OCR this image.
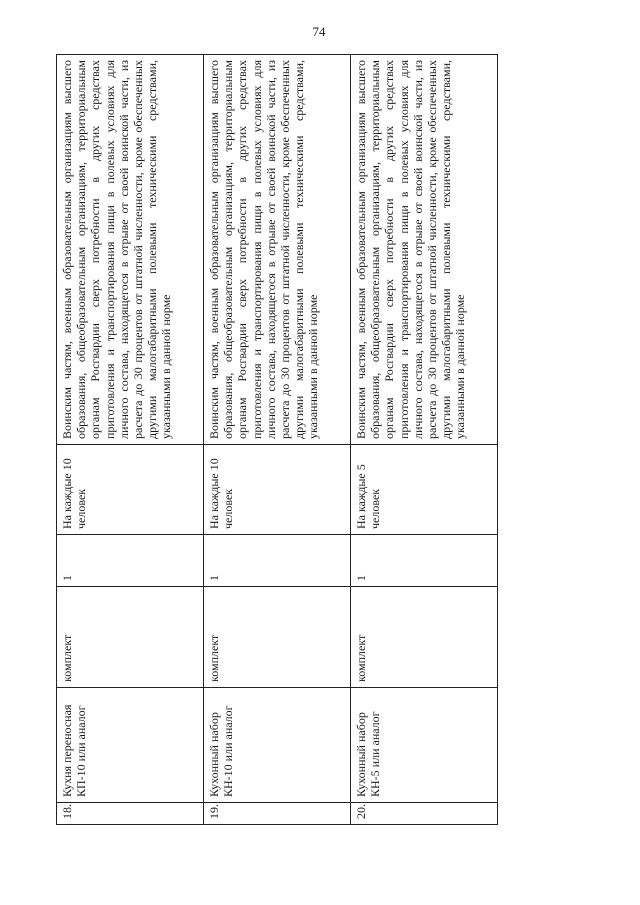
74
18.	Кухня переносная КП-10 или аналог	комплект	1	На каждые 10 человек	Воинским частям, военным образовательным организациям высшего образования, общеобразовательным организациям, территориальным органам Росгвардии сверх потребности в других средствах приготовления и транспортирования пищи в полевых условиях для личного состава, находящегося в отрыве от своей воинской части, из расчета до 30 процентов от штатной численности, кроме обеспеченных другими малогабаритными полевыми техническими средствами, указанными в данной норме
19.	Кухонный набор КН-10 или аналог	комплект	1	На каждые 10 человек	Воинским частям, военным образовательным организациям высшего образования, общеобразовательным организациям, территориальным органам Росгвардии сверх потребности в других средствах приготовления и транспортирования пищи в полевых условиях для личного состава, находящегося в отрыве от своей воинской части, из расчета до 30 процентов от штатной численности, кроме обеспеченных другими малогабаритными полевыми техническими средствами, указанными в данной норме
20.	Кухонный набор КН-5 или аналог	комплект	1	На каждые 5 человек	Воинским частям, военным образовательным организациям высшего образования, общеобразовательным организациям, территориальным органам Росгвардии сверх потребности в других средствах приготовления и транспортирования пищи в полевых условиях для личного состава, находящегося в отрыве от своей воинской части, из расчета до 30 процентов от штатной численности, кроме обеспеченных другими малогабаритными полевыми техническими средствами, указанными в данной норме
